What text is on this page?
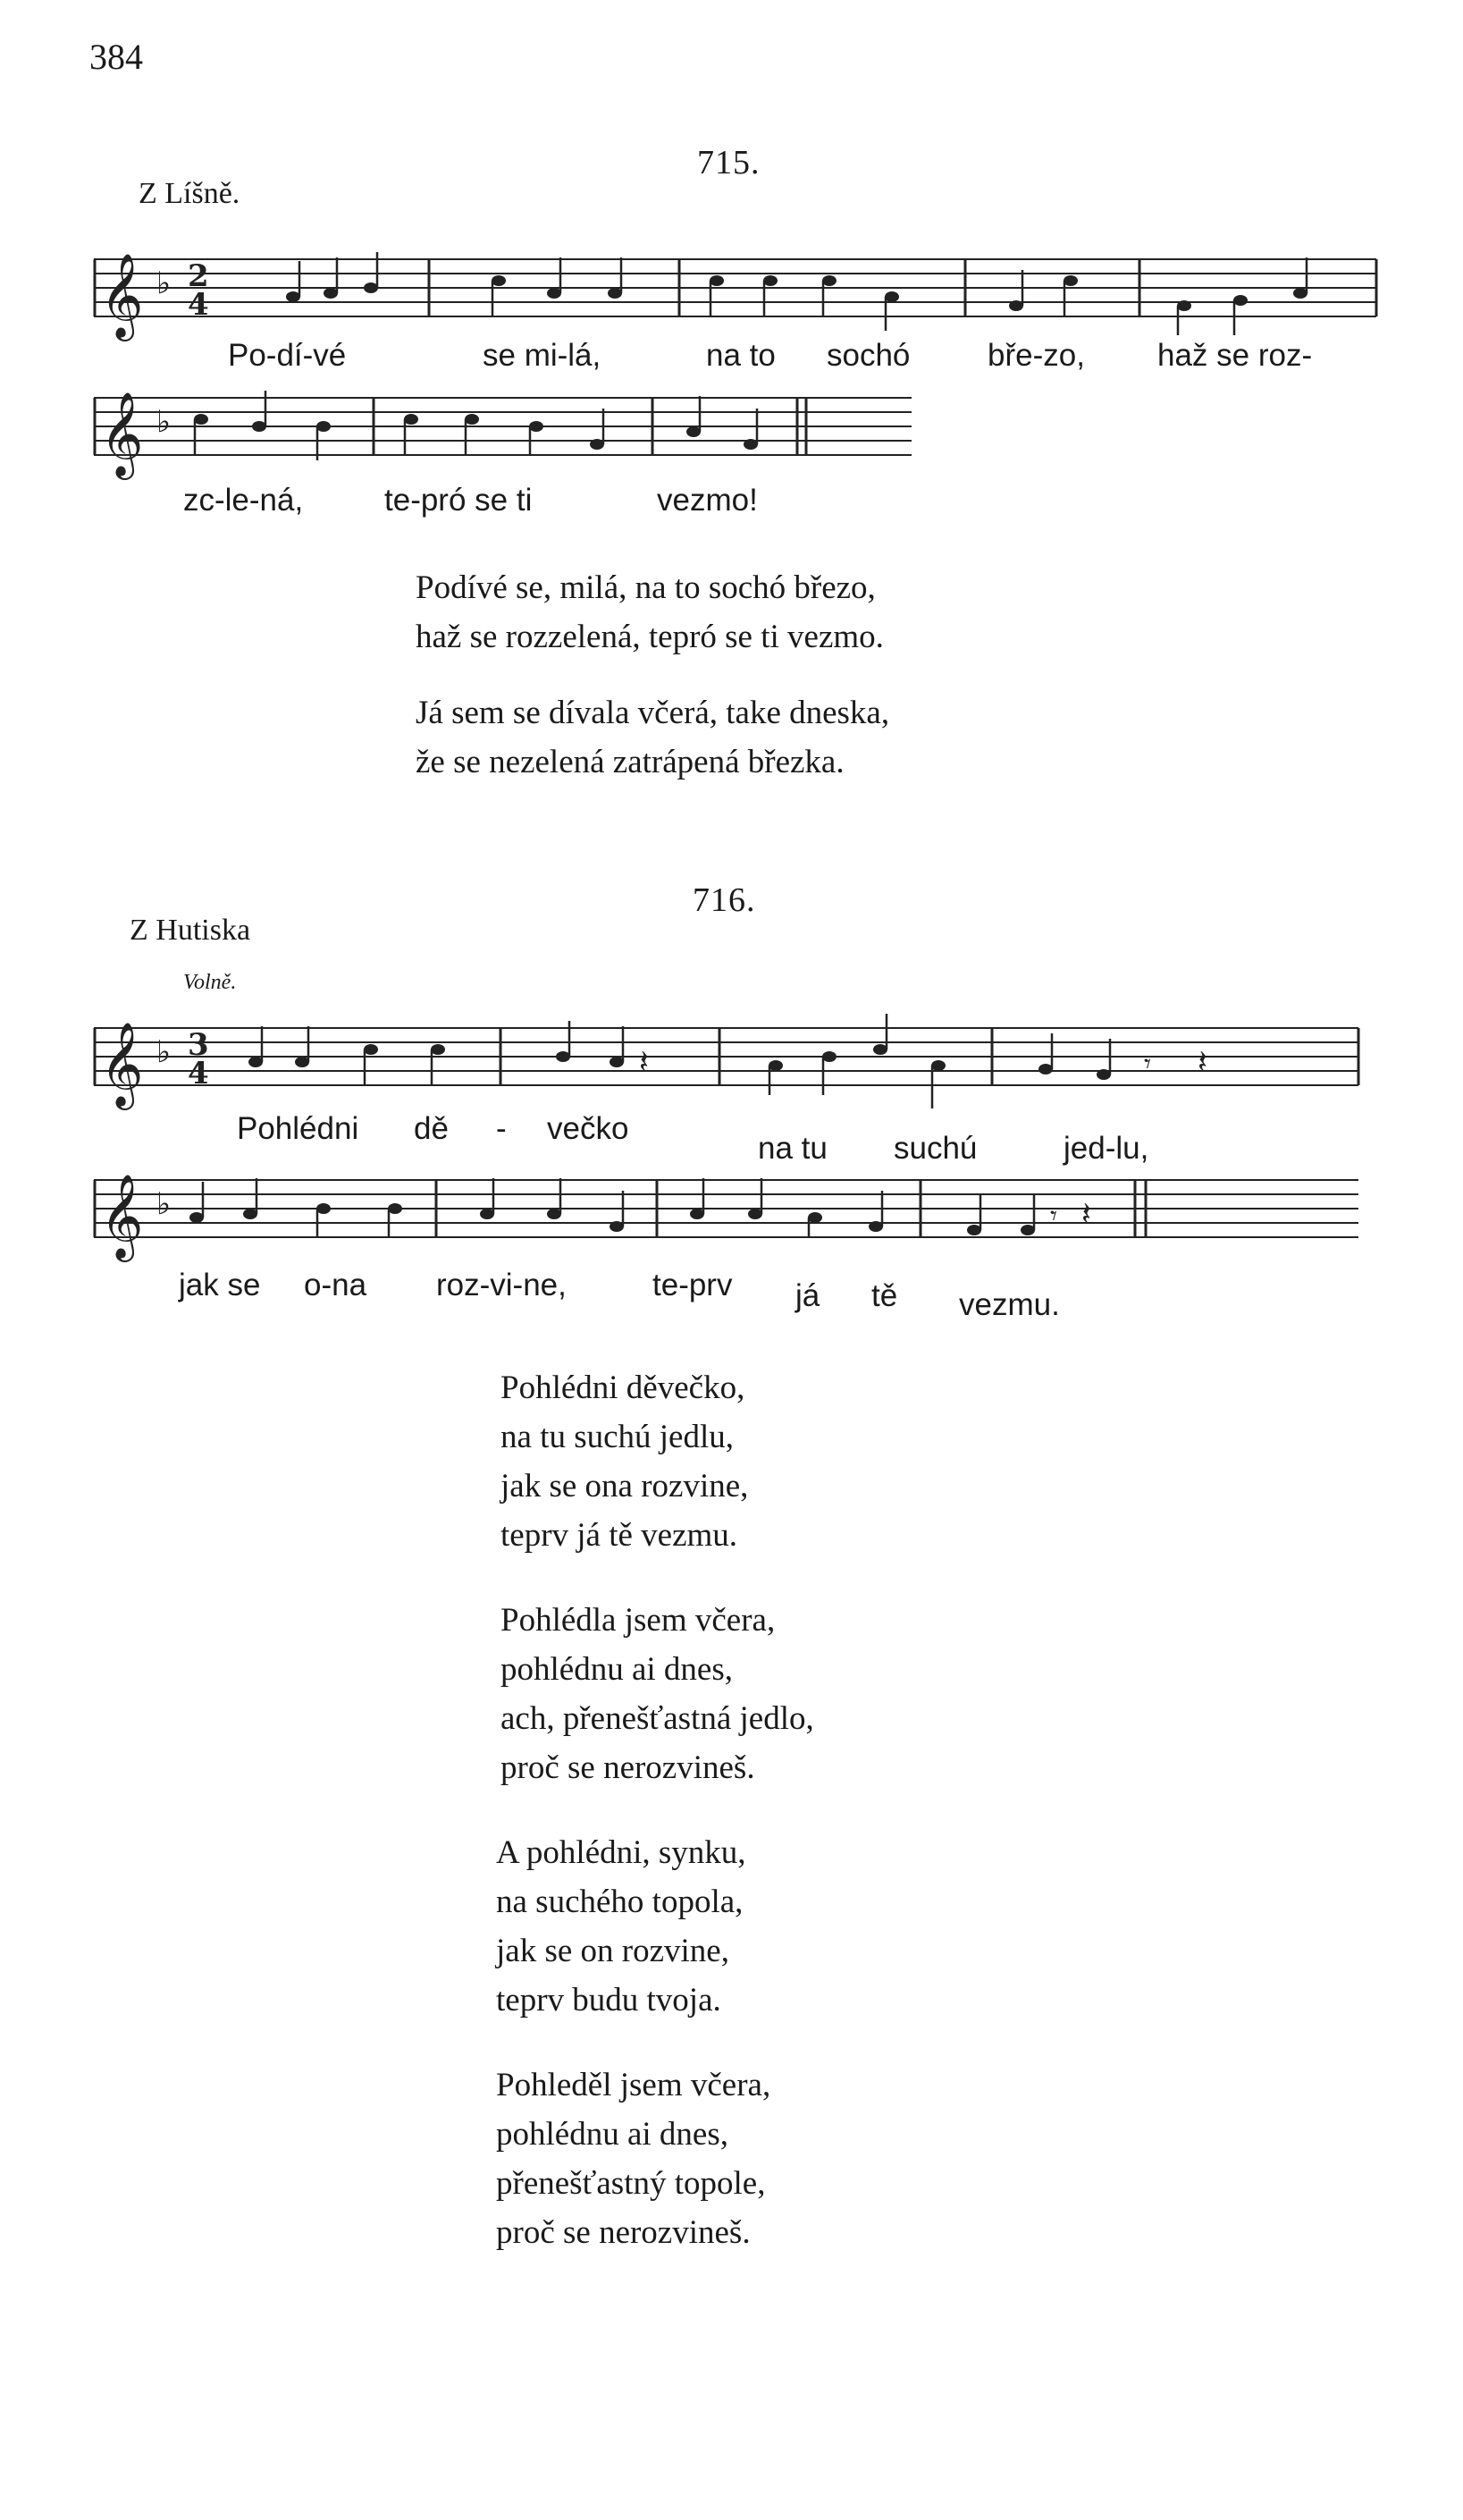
384
715.
Z Líšně.
𝄞 ♭ 2
4
Po-dí-vé	se mi-lá,	na to sochó bře-zo, haž se roz-
𝄞 ♭
zc-le-ná,	te-pró se ti	vezmo!
Podívé se, milá, na to sochó březo,
haž se rozzelená, tepró se ti vezmo.
Já sem se dívala včerá, take dneska,
že se nezelená zatrápená březka.
716.
Z Hutiska
Volně.
𝄞 ♭ 3
4	𝄽	𝄾 𝄽
Pohlédni dě - večko
na tu suchú	jed-lu,
𝄞 ♭	𝄾 𝄽
jak se o-na roz-vi-ne,	te-prv já tě vezmu.
Pohlédni děvečko,
na tu suchú jedlu,
jak se ona rozvine,
teprv já tě vezmu.
Pohlédla jsem včera,
pohlédnu ai dnes,
ach, přenešťastná jedlo,
proč se nerozvineš.
A pohlédni, synku,
na suchého topola,
jak se on rozvine,
teprv budu tvoja.
Pohleděl jsem včera,
pohlédnu ai dnes,
přenešťastný topole,
proč se nerozvineš.
